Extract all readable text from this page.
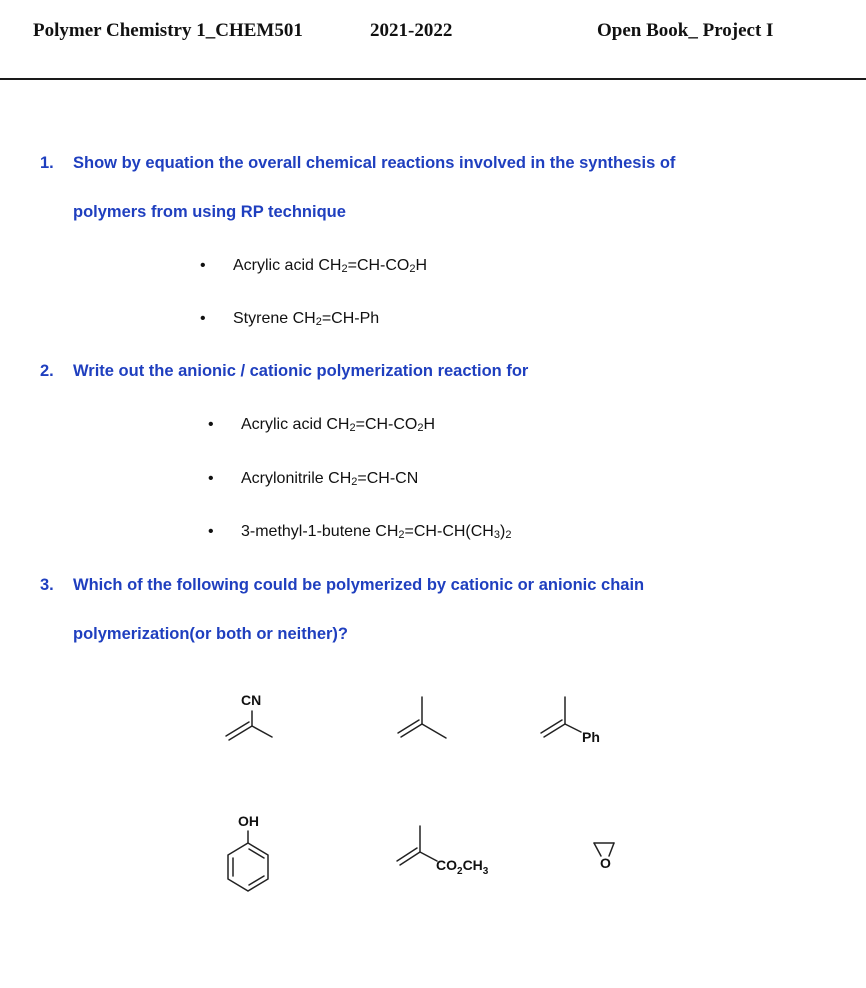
Polymer Chemistry 1_CHEM501	2021-2022	Open Book_ Project I
1. Show by equation the overall chemical reactions involved in the synthesis of
polymers from using RP technique
• Acrylic acid $CH_2=CH-CO_2H$
• Styrene $CH_2=CH-Ph$
2. Write out the anionic / cationic polymerization reaction for
• Acrylic acid $CH_2=CH-CO_2H$
• Acrylonitrile $CH_2=CH-CN$
• 3-methyl-1-butene $CH_2=CH-CH(CH_3)_2$
3. Which of the following could be polymerized by cationic or anionic chain
polymerization(or both or neither)?
CN
Ph
OH
$CO_2CH_3$
O
